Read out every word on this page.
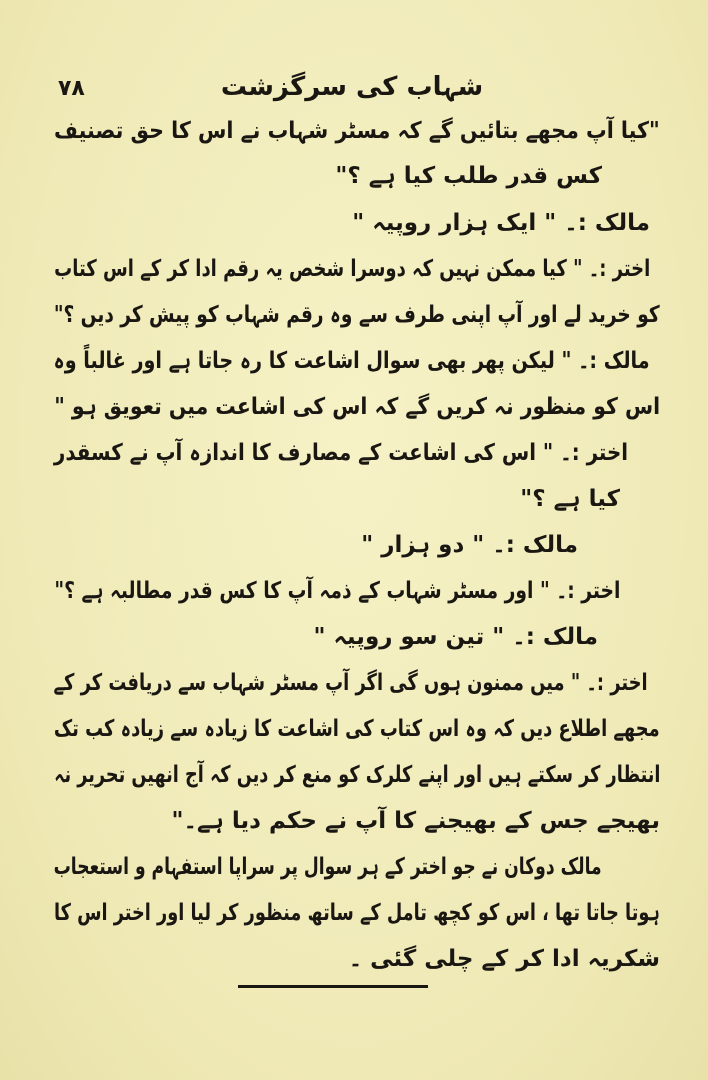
۷۸	شہاب کی سرگزشت
"کیا آپ مجھے بتائیں گے کہ مسٹر شہاب نے اس کا حق تصنیف
کس قدر طلب کیا ہے ؟"
مالک :۔ " ایک ہزار روپیہ "
اختر :۔ " کیا ممکن نہیں کہ دوسرا شخص یہ رقم ادا کر کے اس کتاب
کو خرید لے اور آپ اپنی طرف سے وہ رقم شہاب کو پیش کر دیں ؟"
مالک :۔ " لیکن پھر بھی سوال اشاعت کا رہ جاتا ہے اور غالباً وہ
اس کو منظور نہ کریں گے کہ اس کی اشاعت میں تعویق ہو "
اختر :۔ " اس کی اشاعت کے مصارف کا اندازہ آپ نے کسقدر
کیا ہے ؟"
مالک :۔ " دو ہزار "
اختر :۔ " اور مسٹر شہاب کے ذمہ آپ کا کس قدر مطالبہ ہے ؟"
مالک :۔ " تین سو روپیہ "
اختر :۔ " میں ممنون ہوں گی اگر آپ مسٹر شہاب سے دریافت کر کے
مجھے اطلاع دیں کہ وہ اس کتاب کی اشاعت کا زیادہ سے زیادہ کب تک
انتظار کر سکتے ہیں اور اپنے کلرک کو منع کر دیں کہ آج انھیں تحریر نہ
بھیجے جس کے بھیجنے کا آپ نے حکم دیا ہے۔"
مالک دوکان نے جو اختر کے ہر سوال پر سراپا استفہام و استعجاب
ہوتا جاتا تھا ، اس کو کچھ تامل کے ساتھ منظور کر لیا اور اختر اس کا
شکریہ ادا کر کے چلی گئی ۔
